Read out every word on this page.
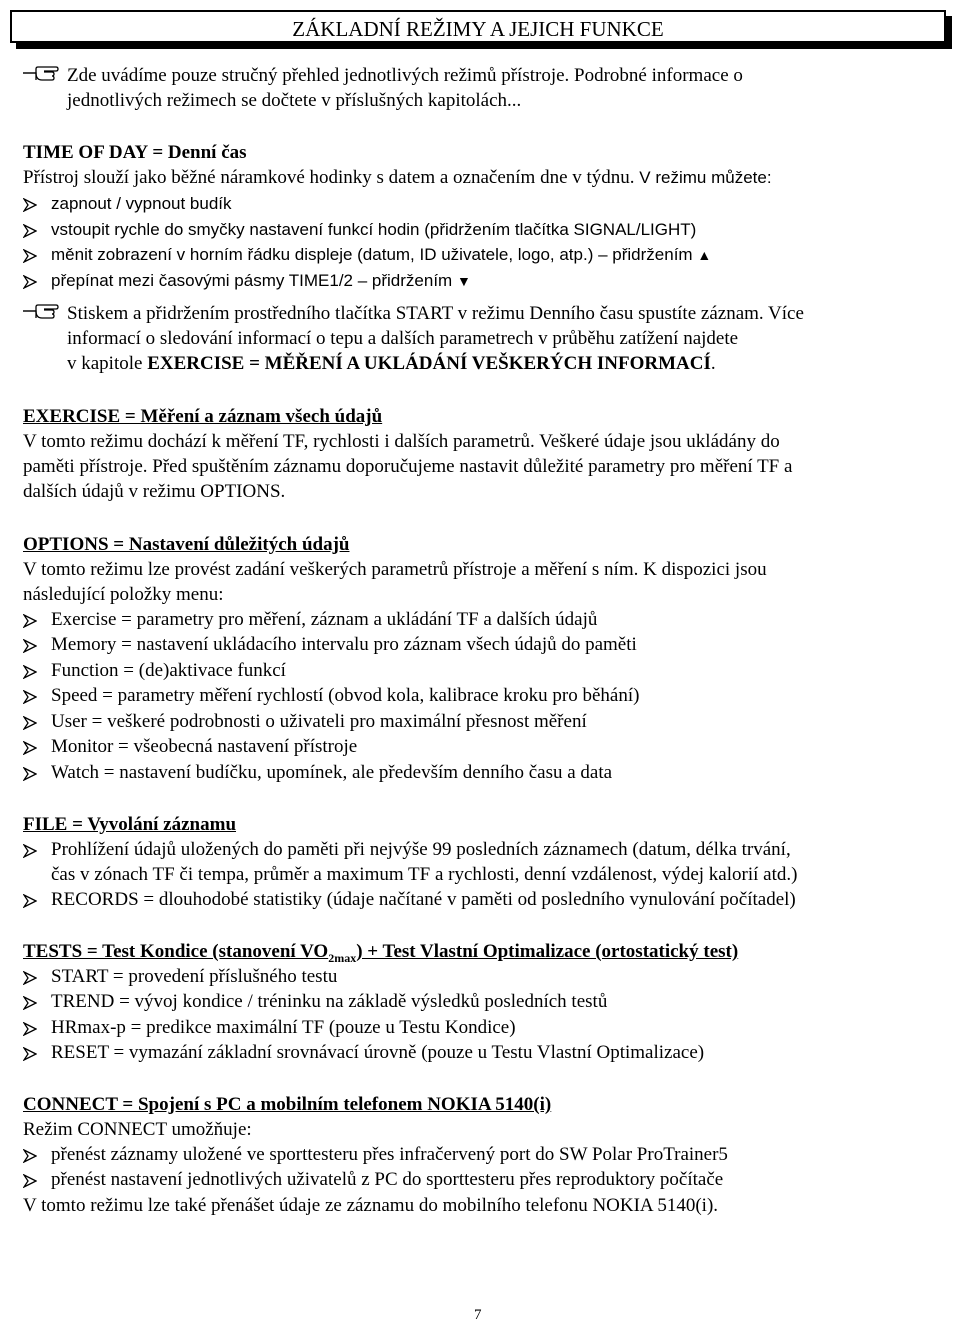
ZÁKLADNÍ REŽIMY A JEJICH FUNKCE
Zde uvádíme pouze stručný přehled jednotlivých režimů přístroje. Podrobné informace o
jednotlivých režimech se dočtete v příslušných kapitolách...
TIME OF DAY = Denní čas
Přístroj slouží jako běžné náramkové hodinky s datem a označením dne v týdnu. V režimu můžete:
zapnout / vypnout budík
vstoupit rychle do smyčky nastavení funkcí hodin (přidržením tlačítka SIGNAL/LIGHT)
měnit zobrazení v horním řádku displeje (datum, ID uživatele, logo, atp.) – přidržením ▲
přepínat mezi časovými pásmy TIME1/2 – přidržením ▼
Stiskem a přidržením prostředního tlačítka START v režimu Denního času spustíte záznam. Více
informací o sledování informací o tepu a dalších parametrech v průběhu zatížení najdete
v kapitole EXERCISE = MĚŘENÍ A UKLÁDÁNÍ VEŠKERÝCH INFORMACÍ.
EXERCISE = Měření a záznam všech údajů
V tomto režimu dochází k měření TF, rychlosti i dalších parametrů. Veškeré údaje jsou ukládány do
paměti přístroje. Před spuštěním záznamu doporučujeme nastavit důležité parametry pro měření TF a
dalších údajů v režimu OPTIONS.
OPTIONS = Nastavení důležitých údajů
V tomto režimu lze provést zadání veškerých parametrů přístroje a měření s ním. K dispozici jsou
následující položky menu:
Exercise = parametry pro měření, záznam a ukládání TF a dalších údajů
Memory = nastavení ukládacího intervalu pro záznam všech údajů do paměti
Function = (de)aktivace funkcí
Speed = parametry měření rychlostí (obvod kola, kalibrace kroku pro běhání)
User = veškeré podrobnosti o uživateli pro maximální přesnost měření
Monitor = všeobecná nastavení přístroje
Watch = nastavení budíčku, upomínek, ale především denního času a data
FILE = Vyvolání záznamu
Prohlížení údajů uložených do paměti při nejvýše 99 posledních záznamech (datum, délka trvání,
čas v zónach TF či tempa, průměr a maximum TF a rychlosti, denní vzdálenost, výdej kalorií atd.)
RECORDS = dlouhodobé statistiky (údaje načítané v paměti od posledního vynulování počítadel)
TESTS = Test Kondice (stanovení $VO_{2max}$) + Test Vlastní Optimalizace (ortostatický test)
START = provedení příslušného testu
TREND = vývoj kondice / tréninku na základě výsledků posledních testů
HRmax-p = predikce maximální TF (pouze u Testu Kondice)
RESET = vymazání základní srovnávací úrovně (pouze u Testu Vlastní Optimalizace)
CONNECT = Spojení s PC a mobilním telefonem NOKIA 5140(i)
Režim CONNECT umožňuje:
přenést záznamy uložené ve sporttesteru přes infračervený port do SW Polar ProTrainer5
přenést nastavení jednotlivých uživatelů z PC do sporttesteru přes reproduktory počítače
V tomto režimu lze také přenášet údaje ze záznamu do mobilního telefonu NOKIA 5140(i).
7
